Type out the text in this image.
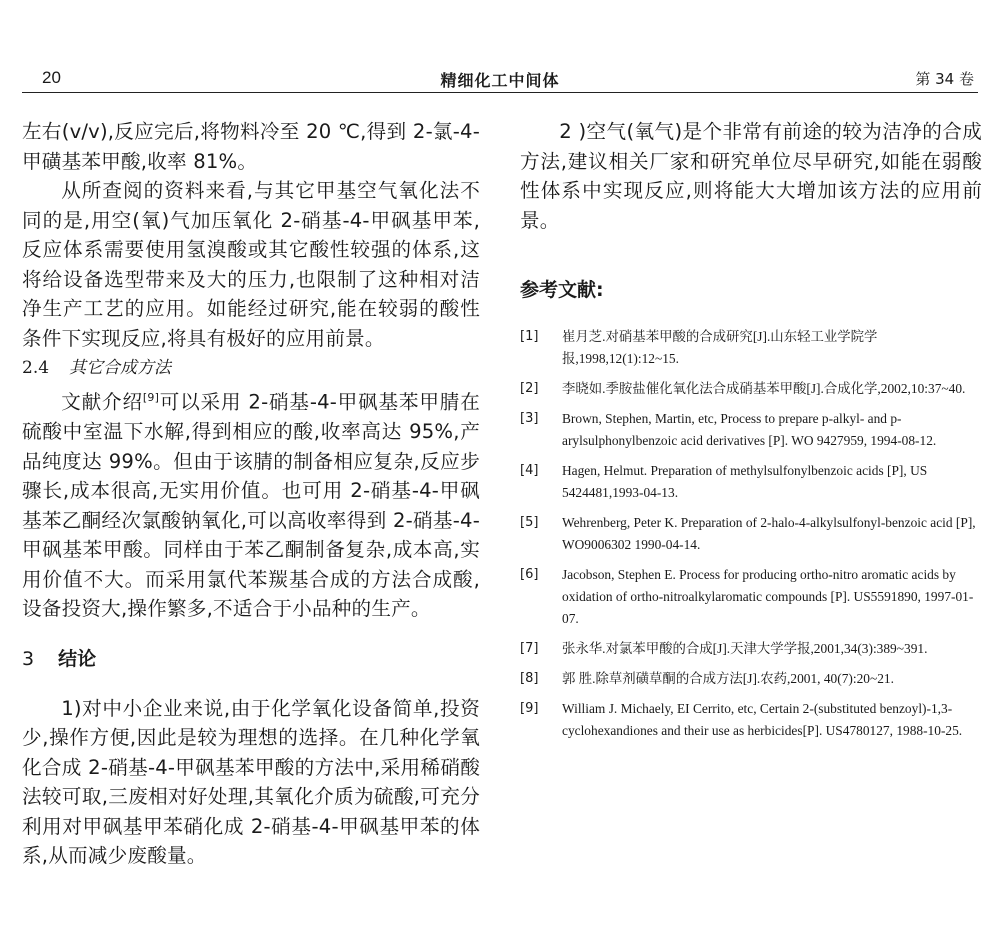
20	精细化工中间体	第 34 卷

左右(v/v),反应完后,将物料冷至 20 ℃,得到 2-氯-4-甲磺基苯甲酸,收率 81%。

从所查阅的资料来看,与其它甲基空气氧化法不同的是,用空(氧)气加压氧化 2-硝基-4-甲砜基甲苯,反应体系需要使用氢溴酸或其它酸性较强的体系,这将给设备选型带来及大的压力,也限制了这种相对洁净生产工艺的应用。如能经过研究,能在较弱的酸性条件下实现反应,将具有极好的应用前景。

2.4 其它合成方法

文献介绍[9]可以采用 2-硝基-4-甲砜基苯甲腈在硫酸中室温下水解,得到相应的酸,收率高达 95%,产品纯度达 99%。但由于该腈的制备相应复杂,反应步骤长,成本很高,无实用价值。也可用 2-硝基-4-甲砜基苯乙酮经次氯酸钠氧化,可以高收率得到 2-硝基-4-甲砜基苯甲酸。同样由于苯乙酮制备复杂,成本高,实用价值不大。而采用氯代苯羰基合成的方法合成酸,设备投资大,操作繁多,不适合于小品种的生产。

3 结论

1)对中小企业来说,由于化学氧化设备简单,投资少,操作方便,因此是较为理想的选择。在几种化学氧化合成 2-硝基-4-甲砜基苯甲酸的方法中,采用稀硝酸法较可取,三废相对好处理,其氧化介质为硫酸,可充分利用对甲砜基甲苯硝化成 2-硝基-4-甲砜基甲苯的体系,从而减少废酸量。

2 )空气(氧气)是个非常有前途的较为洁净的合成方法,建议相关厂家和研究单位尽早研究,如能在弱酸性体系中实现反应,则将能大大增加该方法的应用前景。

参考文献:

[1] 崔月芝.对硝基苯甲酸的合成研究[J].山东轻工业学院学报,1998,12(1):12~15.
[2] 李晓如.季胺盐催化氧化法合成硝基苯甲酸[J].合成化学,2002,10:37~40.
[3] Brown, Stephen, Martin, etc, Process to prepare p-alkyl- and p-arylsulphonylbenzoic acid derivatives [P]. WO 9427959, 1994-08-12.
[4] Hagen, Helmut. Preparation of methylsulfonylbenzoic acids [P], US 5424481,1993-04-13.
[5] Wehrenberg, Peter K. Preparation of 2-halo-4-alkylsulfonyl-benzoic acid [P], WO9006302 1990-04-14.
[6] Jacobson, Stephen E. Process for producing ortho-nitro aromatic acids by oxidation of ortho-nitroalkylaromatic compounds [P]. US5591890, 1997-01-07.
[7] 张永华.对氯苯甲酸的合成[J].天津大学学报,2001,34(3):389~391.
[8] 郭 胜.除草剂磺草酮的合成方法[J].农药,2001, 40(7):20~21.
[9] William J. Michaely, EI Cerrito, etc, Certain 2-(substituted benzoyl)-1,3-cyclohexandiones and their use as herbicides[P]. US4780127, 1988-10-25.
